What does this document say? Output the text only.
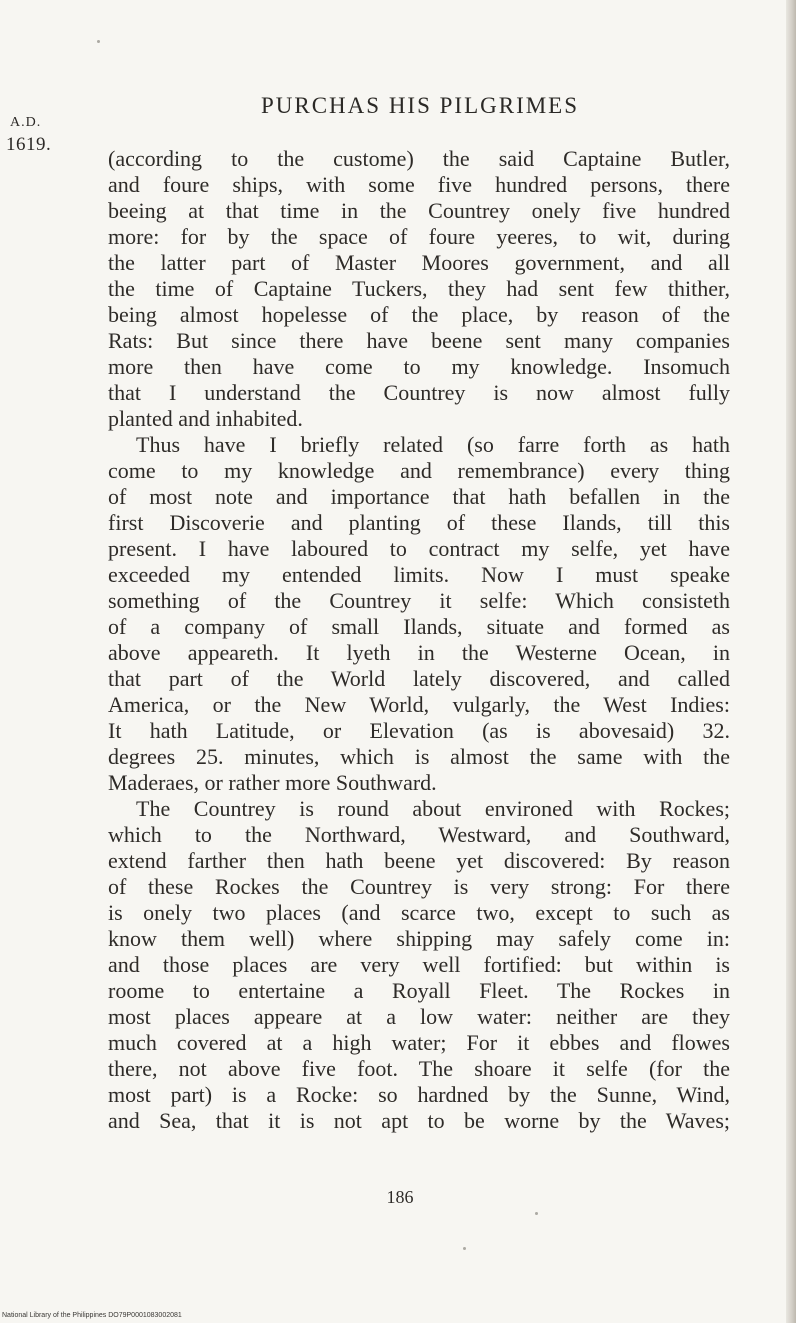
A.D.
1619.
PURCHAS HIS PILGRIMES

(according to the custome) the said Captaine Butler,

and foure ships, with some five hundred persons, there

beeing at that time in the Countrey onely five hundred

more: for by the space of foure yeeres, to wit, during

the latter part of Master Moores government, and all

the time of Captaine Tuckers, they had sent few thither,

being almost hopelesse of the place, by reason of the

Rats: But since there have beene sent many companies

more then have come to my knowledge. Insomuch

that I understand the Countrey is now almost fully

planted and inhabited.

Thus have I briefly related (so farre forth as hath

come to my knowledge and remembrance) every thing

of most note and importance that hath befallen in the

first Discoverie and planting of these Ilands, till this

present. I have laboured to contract my selfe, yet have

exceeded my entended limits. Now I must speake

something of the Countrey it selfe: Which consisteth

of a company of small Ilands, situate and formed as

above appeareth. It lyeth in the Westerne Ocean, in

that part of the World lately discovered, and called

America, or the New World, vulgarly, the West Indies:

It hath Latitude, or Elevation (as is abovesaid) 32.

degrees 25. minutes, which is almost the same with the

Maderaes, or rather more Southward.

The Countrey is round about environed with Rockes;

which to the Northward, Westward, and Southward,

extend farther then hath beene yet discovered: By reason

of these Rockes the Countrey is very strong: For there

is onely two places (and scarce two, except to such as

know them well) where shipping may safely come in:

and those places are very well fortified: but within is

roome to entertaine a Royall Fleet. The Rockes in

most places appeare at a low water: neither are they

much covered at a high water; For it ebbes and flowes

there, not above five foot. The shoare it selfe (for the

most part) is a Rocke: so hardned by the Sunne, Wind,

and Sea, that it is not apt to be worne by the Waves;

186
National Library of the Philippines DO79P0001083002081
